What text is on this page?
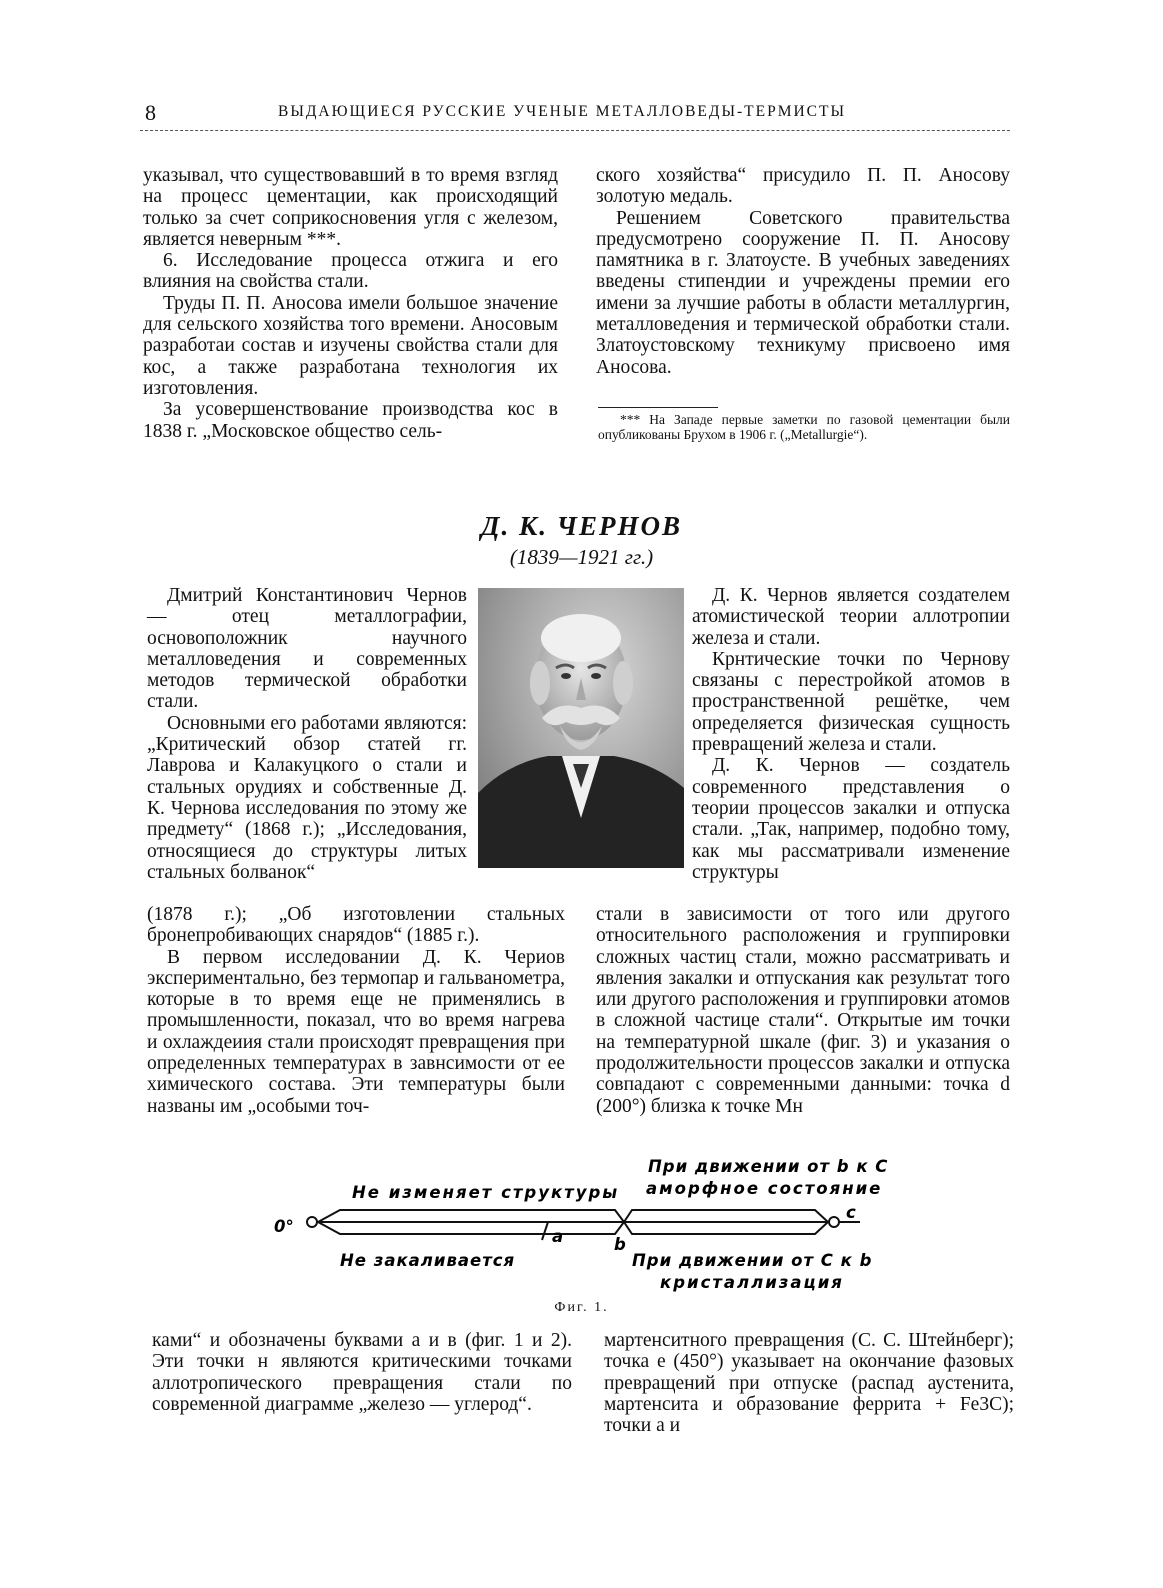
8	ВЫДАЮЩИЕСЯ РУССКИЕ УЧЕНЫЕ МЕТАЛЛОВЕДЫ-ТЕРМИСТЫ

указывал, что существовавший в то время взгляд на процесс цементации, как происходящий только за счет соприкосновения угля с железом, является неверным ***.

6. Исследование процесса отжига и его влияния на свойства стали.

Труды П. П. Аносова имели большое значение для сельского хозяйства того времени. Аносовым разработаи состав и изучены свойства стали для кос, а также разработана технология их изготовления.

За усовершенствование производства кос в 1838 г. „Московское общество сель-

ского хозяйства“ присудило П. П. Аносову золотую медаль.

Решением Советского правительства предусмотрено сооружение П. П. Аносову памятника в г. Златоусте. В учебных заведениях введены стипендии и учреждены премии его имени за лучшие работы в области металлургин, металловедения и термической обработки стали. Златоустовскому техникуму присвоено имя Аносова.

*** На Западе первые заметки по газовой цементации были опубликованы Брухом в 1906 г. („Metallurgie“).
Д. К. ЧЕРНОВ
(1839—1921 гг.)

Дмитрий Константинович Чернов — отец металлографии, основоположник научного металловедения и современных методов термической обработки стали.

Основными его работами являются: „Критический обзор статей гг. Лаврова и Калакуцкого о стали и стальных орудиях и собственные Д. К. Чернова исследования по этому же предмету“ (1868 г.); „Исследования, относящиеся до структуры литых стальных болванок“

(1878 г.); „Об изготовлении стальных бронепробивающих снарядов“ (1885 г.).

В первом исследовании Д. К. Чериов экспериментально, без термопар и гальванометра, которые в то время еще не применялись в промышленности, показал, что во время нагрева и охлаждеиия стали происходят превращения при определенных температурах в завнсимости от ее химического состава. Эти температуры были названы им „особыми точ-

Д. К. Чернов является создателем атомистической теории аллотропии железа и стали.

Крнтические точки по Чернову связаны с перестройкой атомов в пространственной решётке, чем определяется физическая сущность превращений железа и стали.

Д. К. Чернов — создатель современного представления о теории процессов закалки и отпуска стали. „Так, например, подобно тому, как мы рассматривали изменение структуры

стали в зависимости от того или другого относительного расположения и группировки сложных частиц стали, можно рассматривать и явления закалки и отпускания как результат того или другого расположения и группировки атомов в сложной частице стали“. Открытые им точки на температурной шкале (фиг. 3) и указания о продолжительности процессов закалки и отпуска совпадают с современными данными: точка d (200°) близка к точке Mн

0°
a	b
c
Не изменяет структуры
При движении от b к C
аморфное состояние
Не закаливается	При движении от C к b
кристаллизация
Фиг. 1.

ками“ и обозначены буквами a и в (фиг. 1 и 2). Эти точки н являются критическими точками аллотропического превращения стали по современной диаграмме „железо — углерод“.

мартенситного превращения (С. С. Штейнберг); точка e (450°) указывает на окончание фазовых превращений при отпуске (распад аустенита, мартенсита и образование феррита + Fe3C); точки a и
